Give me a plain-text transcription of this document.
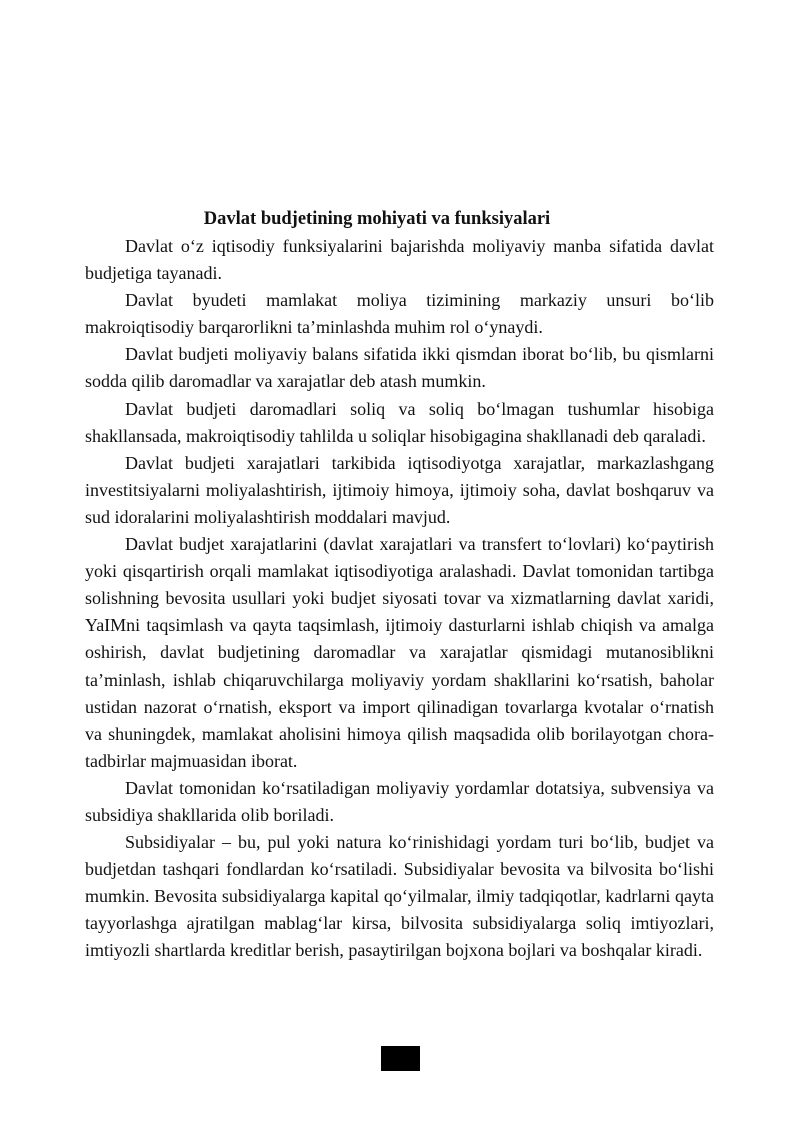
Davlat budjetining mohiyati va funksiyalari

Davlat o‘z iqtisodiy funksiyalarini bajarishda moliyaviy manba sifatida davlat budjetiga tayanadi.

Davlat byudeti mamlakat moliya tizimining markaziy unsuri bo‘lib makroiqtisodiy barqarorlikni ta’minlashda muhim rol o‘ynaydi.

Davlat budjeti moliyaviy balans sifatida ikki qismdan iborat bo‘lib, bu qismlarni sodda qilib daromadlar va xarajatlar deb atash mumkin.

Davlat budjeti daromadlari soliq va soliq bo‘lmagan tushumlar hisobiga shakllansada, makroiqtisodiy tahlilda u soliqlar hisobigagina shakllanadi deb qaraladi.

Davlat budjeti xarajatlari tarkibida iqtisodiyotga xarajatlar, markazlashgang investitsiyalarni moliyalashtirish, ijtimoiy himoya, ijtimoiy soha, davlat boshqaruv va sud idoralarini moliyalashtirish moddalari mavjud.

Davlat budjet xarajatlarini (davlat xarajatlari va transfert to‘lovlari) ko‘paytirish yoki qisqartirish orqali mamlakat iqtisodiyotiga aralashadi. Davlat tomonidan tartibga solishning bevosita usullari yoki budjet siyosati tovar va xizmatlarning davlat xaridi, YaIMni taqsimlash va qayta taqsimlash, ijtimoiy dasturlarni ishlab chiqish va amalga oshirish, davlat budjetining daromadlar va xarajatlar qismidagi mutanosiblikni ta’minlash, ishlab chiqaruvchilarga moliyaviy yordam shakllarini ko‘rsatish, baholar ustidan nazorat o‘rnatish, eksport va import qilinadigan tovarlarga kvotalar o‘rnatish va shuningdek, mamlakat aholisini himoya qilish maqsadida olib borilayotgan chora-tadbirlar majmuasidan iborat.

Davlat tomonidan ko‘rsatiladigan moliyaviy yordamlar dotatsiya, subvensiya va subsidiya shakllarida olib boriladi.

Subsidiyalar – bu, pul yoki natura ko‘rinishidagi yordam turi bo‘lib, budjet va budjetdan tashqari fondlardan ko‘rsatiladi. Subsidiyalar bevosita va bilvosita bo‘lishi mumkin. Bevosita subsidiyalarga kapital qo‘yilmalar, ilmiy tadqiqotlar, kadrlarni qayta tayyorlashga ajratilgan mablag‘lar kirsa, bilvosita subsidiyalarga soliq imtiyozlari, imtiyozli shartlarda kreditlar berish, pasaytirilgan bojxona bojlari va boshqalar kiradi.
